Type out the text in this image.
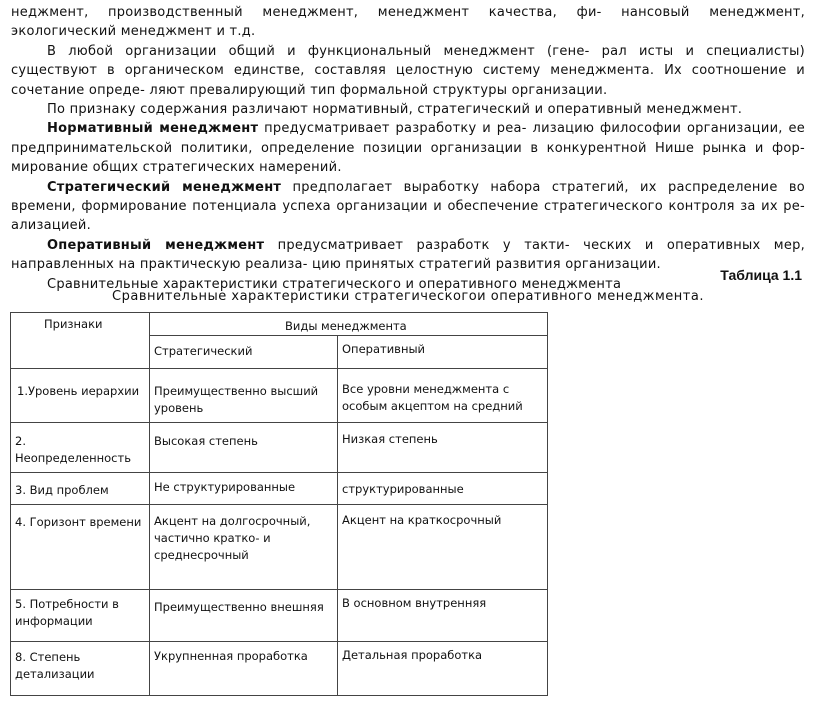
неджмент, производственный менеджмент, менеджмент качества, фи- нансовый менеджмент, экологический менеджмент и т.д.

В любой организации общий и функциональный менеджмент (гене- рал исты и специалисты) существуют в органическом единстве, составляя целостную систему менеджмента. Их соотношение и сочетание опреде- ляют превалирующий тип формальной структуры организации.

По признаку содержания различают нормативный, стратегический и оперативный менеджмент.

Нормативный менеджмент предусматривает разработку и реа- лизацию философии организации, ее предпринимательской политики, определение позиции организации в конкурентной Нише рынка и фор- мирование общих стратегических намерений.

Стратегический менеджмент предполагает выработку набора стратегий, их распределение во времени, формирование потенциала успеха организации и обеспечение стратегического контроля за их ре- ализацией.

Оперативный менеджмент предусматривает разработк у такти- ческих и оперативных мер, направленных на практическую реализа- цию принятых стратегий развития организации.

Сравнительные характеристики стратегического и оперативного менеджмента

Таблица 1.1
Сравнительные характеристики стратегическогои оперативного менеджмента.
Признаки	Виды менеджмента	
	Стратегический	Оперативный
1.Уровень иерархии	Преимущественно высший уровень	Все уровни менеджмента с особым акцептом на средний
2. Неопределенность	Высокая степень	Низкая степень
3. Вид проблем	Не структурированные	структурированные
4. Горизонт времени	Акцент на долгосрочный, частично кратко- и среднесрочный	Акцент на краткосрочный
5. Потребности в информации	Преимущественно внешняя	В основном внутренняя
8. Степень детализации	Укрупненная проработка	Детальная проработка
